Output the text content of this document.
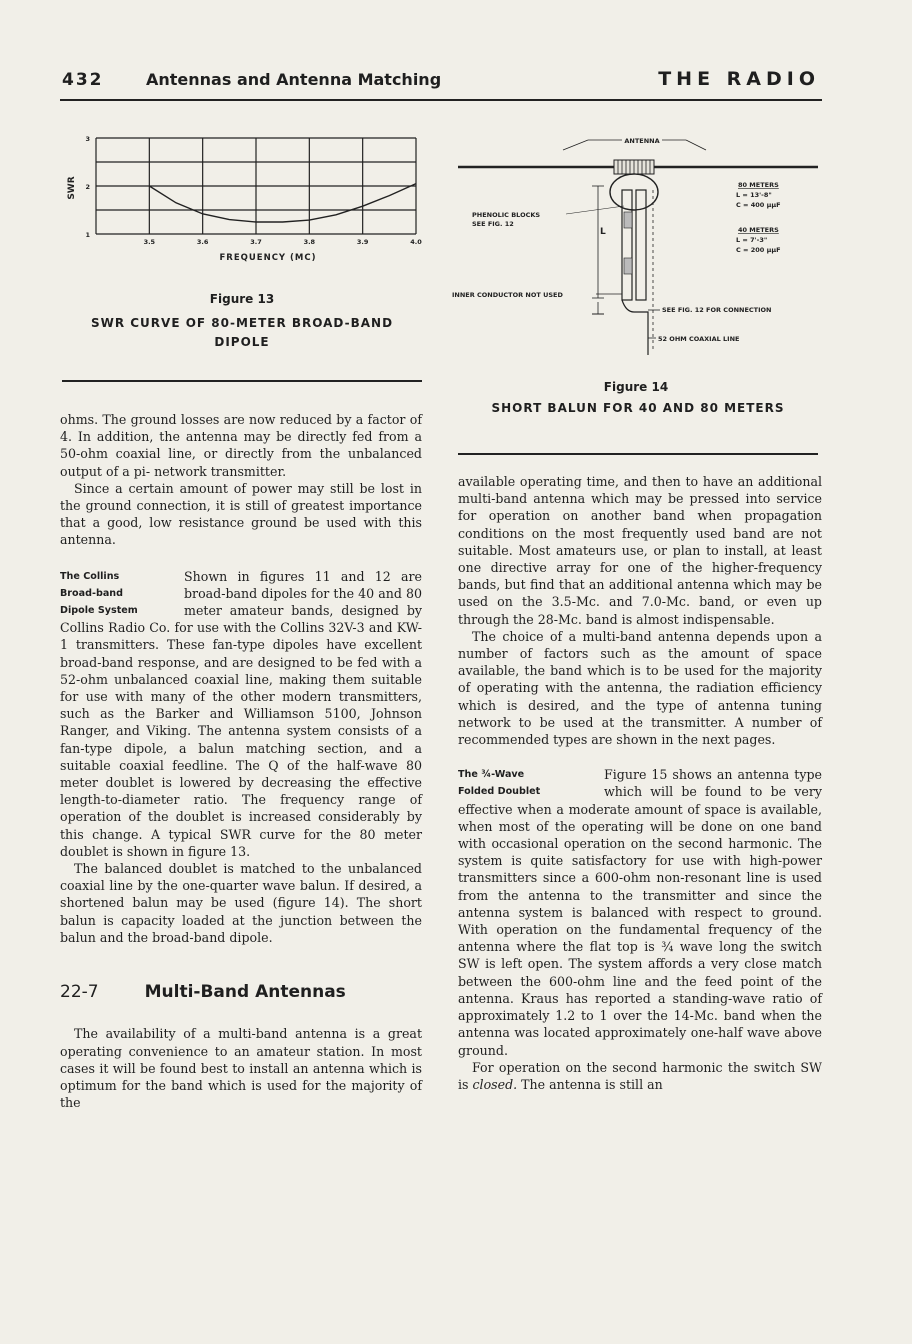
432	Antennas and Antenna Matching	THE RADIO
SWR
3.5	3.6	3.7	3.8	3.9	4.0
1
2
3
FREQUENCY (MC)
Figure 13
SWR CURVE OF 80-METER BROAD-BAND DIPOLE
ANTENNA
L
PHENOLIC BLOCKS
SEE FIG. 12
INNER CONDUCTOR NOT USED
80 METERS
L = 13'-8"
C = 400 µµF
40 METERS
L = 7'-3"
C = 200 µµF
SEE FIG. 12 FOR CONNECTION
52 OHM COAXIAL LINE
Figure 14
SHORT BALUN FOR 40 AND 80 METERS

ohms. The ground losses are now reduced by a factor of 4. In addition, the antenna may be directly fed from a 50-ohm coaxial line, or directly from the unbalanced output of a pi- network transmitter.

Since a certain amount of power may still be lost in the ground connection, it is still of greatest importance that a good, low resistance ground be used with this antenna.

The Collins
Broad-band
Dipole System

Shown in figures 11 and 12 are broad-band dipoles for the 40 and 80 meter amateur bands, designed by Collins Radio Co. for use with the Collins 32V-3 and KW-1 transmitters. These fan-type dipoles have excellent broad-band response, and are designed to be fed with a 52-ohm unbalanced coaxial line, making them suitable for use with many of the other modern transmitters, such as the Barker and Williamson 5100, Johnson Ranger, and Viking. The antenna system consists of a fan-type dipole, a balun matching section, and a suitable coaxial feedline. The Q of the half-wave 80 meter doublet is lowered by decreasing the effective length-to-diameter ratio. The frequency range of operation of the doublet is increased considerably by this change. A typical SWR curve for the 80 meter doublet is shown in figure 13.

The balanced doublet is matched to the unbalanced coaxial line by the one-quarter wave balun. If desired, a shortened balun may be used (figure 14). The short balun is capacity loaded at the junction between the balun and the broad-band dipole.

22-7	Multi-Band Antennas

The availability of a multi-band antenna is a great operating convenience to an amateur station. In most cases it will be found best to install an antenna which is optimum for the band which is used for the majority of the

available operating time, and then to have an additional multi-band antenna which may be pressed into service for operation on another band when propagation conditions on the most frequently used band are not suitable. Most amateurs use, or plan to install, at least one directive array for one of the higher-frequency bands, but find that an additional antenna which may be used on the 3.5-Mc. and 7.0-Mc. band, or even up through the 28-Mc. band is almost indispensable.

The choice of a multi-band antenna depends upon a number of factors such as the amount of space available, the band which is to be used for the majority of operating with the antenna, the radiation efficiency which is desired, and the type of antenna tuning network to be used at the transmitter. A number of recommended types are shown in the next pages.

The ¾-Wave
Folded Doublet

Figure 15 shows an antenna type which will be found to be very effective when a moderate amount of space is available, when most of the operating will be done on one band with occasional operation on the second harmonic. The system is quite satisfactory for use with high-power transmitters since a 600-ohm non-resonant line is used from the antenna to the transmitter and since the antenna system is balanced with respect to ground. With operation on the fundamental frequency of the antenna where the flat top is ¾ wave long the switch SW is left open. The system affords a very close match between the 600-ohm line and the feed point of the antenna. Kraus has reported a standing-wave ratio of approximately 1.2 to 1 over the 14-Mc. band when the antenna was located approximately one-half wave above ground.

For operation on the second harmonic the switch SW is closed. The antenna is still an
